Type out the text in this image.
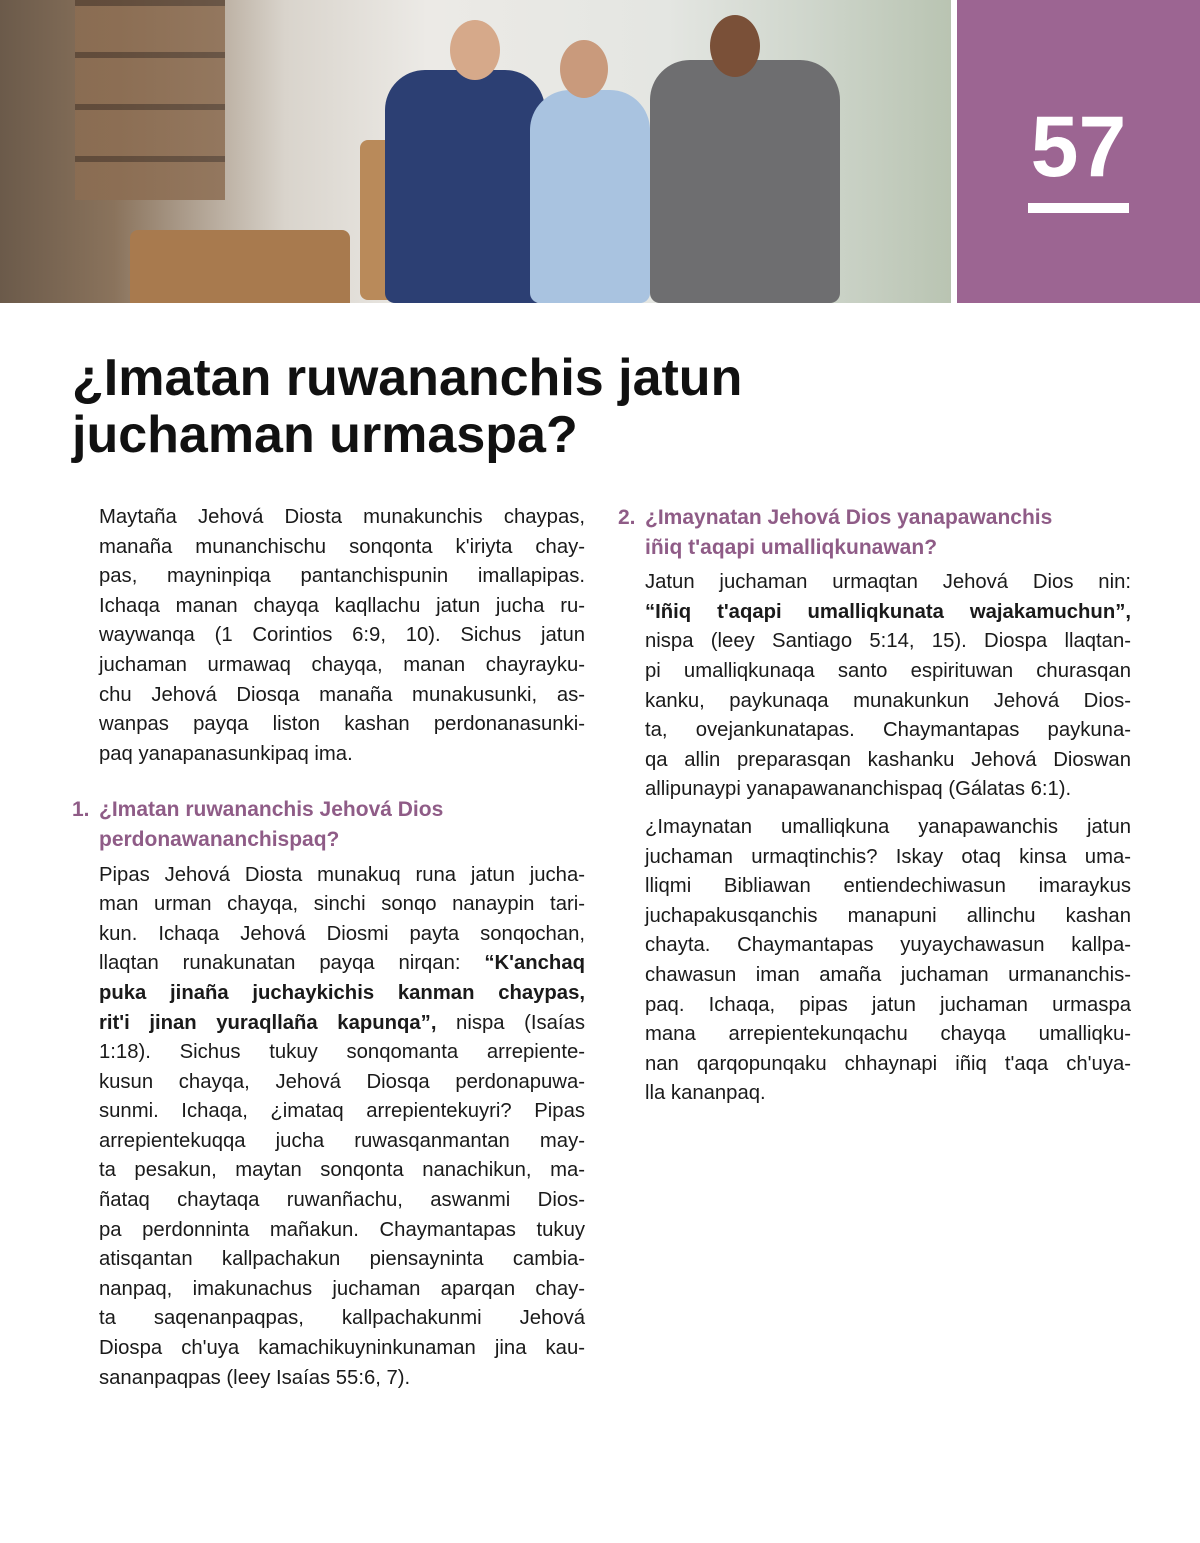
57
¿Imatan ruwananchis jatun
juchaman urmaspa?
Maytaña Jehová Diosta munakunchis chaypas,
manaña munanchischu sonqonta k'iriyta chay-
pas, mayninpiqa pantanchispunin imallapipas.
Ichaqa manan chayqa kaqllachu jatun jucha ru-
waywanqa (1 Corintios 6:9, 10). Sichus jatun
juchaman urmawaq chayqa, manan chayrayku-
chu Jehová Diosqa manaña munakusunki, as-
wanpas payqa liston kashan perdonanasunki-
paq yanapanasunkipaq ima.
1. ¿Imatan ruwananchis Jehová Dios
perdonawananchispaq?
Pipas Jehová Diosta munakuq runa jatun jucha-
man urman chayqa, sinchi sonqo nanaypin tari-
kun. Ichaqa Jehová Diosmi payta sonqochan,
llaqtan runakunatan payqa nirqan: “K'anchaq
puka jinaña juchaykichis kanman chaypas,
rit'i jinan yuraqllaña kapunqa”, nispa (Isaías
1:18). Sichus tukuy sonqomanta arrepiente-
kusun chayqa, Jehová Diosqa perdonapuwa-
sunmi. Ichaqa, ¿imataq arrepientekuyri? Pipas
arrepientekuqqa jucha ruwasqanmantan may-
ta pesakun, maytan sonqonta nanachikun, ma-
ñataq chaytaqa ruwanñachu, aswanmi Dios-
pa perdonninta mañakun. Chaymantapas tukuy
atisqantan kallpachakun piensayninta cambia-
nanpaq, imakunachus juchaman aparqan chay-
ta saqenanpaqpas, kallpachakunmi Jehová
Diospa ch'uya kamachikuyninkunaman jina kau-
sananpaqpas (leey Isaías 55:6, 7).
2. ¿Imaynatan Jehová Dios yanapawanchis
iñiq t'aqapi umalliqkunawan?
Jatun juchaman urmaqtan Jehová Dios nin:
“Iñiq t'aqapi umalliqkunata wajakamuchun”,
nispa (leey Santiago 5:14, 15). Diospa llaqtan-
pi umalliqkunaqa santo espirituwan churasqan
kanku, paykunaqa munakunkun Jehová Dios-
ta, ovejankunatapas. Chaymantapas paykuna-
qa allin preparasqan kashanku Jehová Dioswan
allipunaypi yanapawananchispaq (Gálatas 6:1).
¿Imaynatan umalliqkuna yanapawanchis jatun
juchaman urmaqtinchis? Iskay otaq kinsa uma-
lliqmi Bibliawan entiendechiwasun imaraykus
juchapakusqanchis manapuni allinchu kashan
chayta. Chaymantapas yuyaychawasun kallpa-
chawasun iman amaña juchaman urmananchis-
paq. Ichaqa, pipas jatun juchaman urmaspa
mana arrepientekunqachu chayqa umalliqku-
nan qarqopunqaku chhaynapi iñiq t'aqa ch'uya-
lla kananpaq.
